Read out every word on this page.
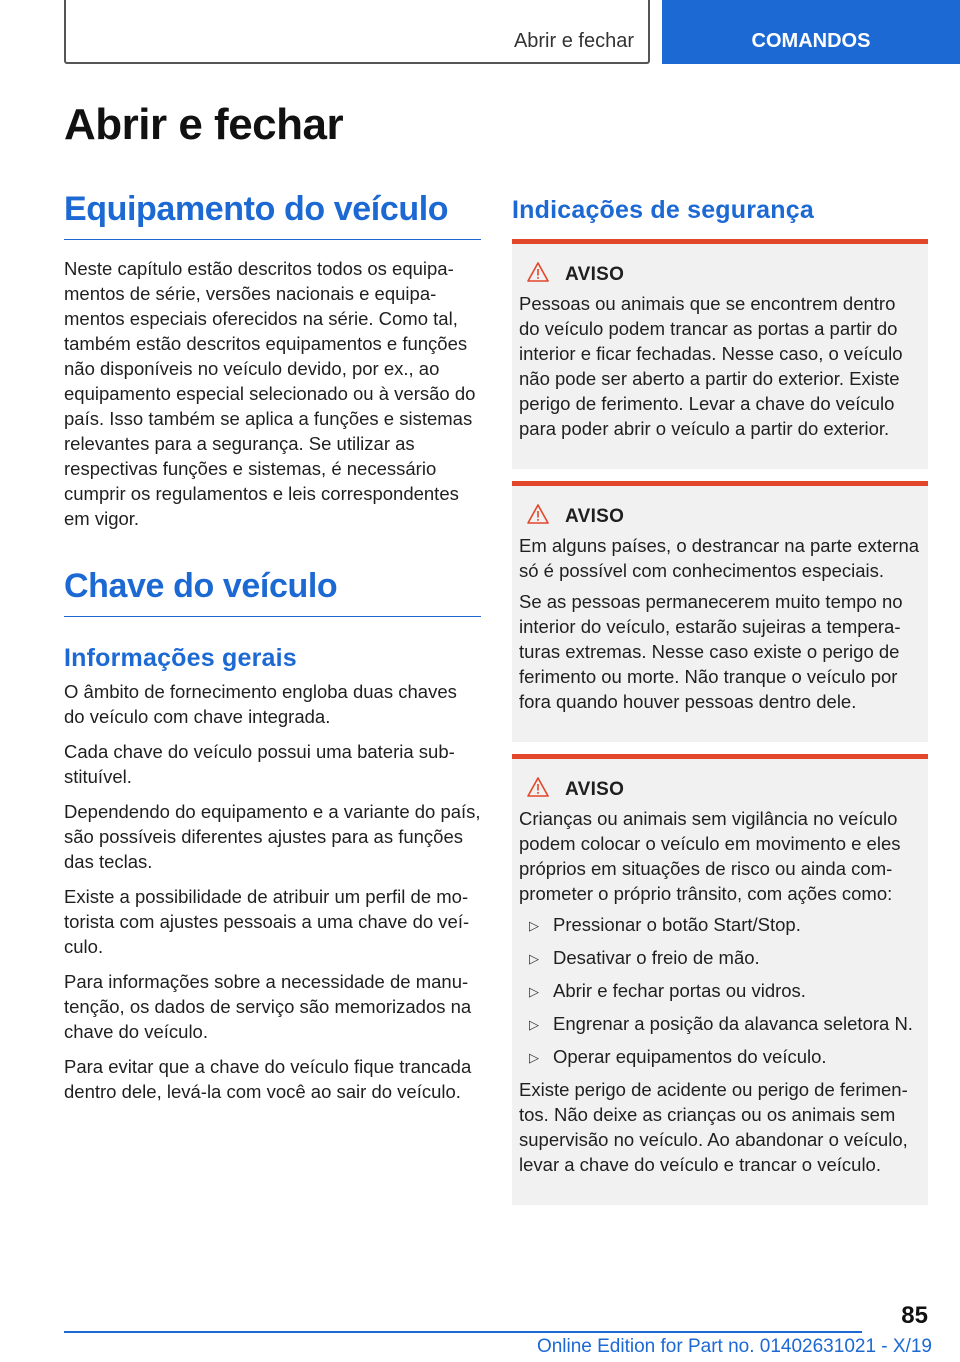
Abrir e fechar	COMANDOS
Abrir e fechar
Equipamento do veículo

Neste capítulo estão descritos todos os equipamentos de série, versões nacionais e equipamentos especiais oferecidos na série. Como tal, também estão descritos equipamentos e funções não disponíveis no veículo devido, por ex., ao equipamento especial selecionado ou à versão do país. Isso também se aplica a funções e sistemas relevantes para a segurança. Se utilizar as respectivas funções e sistemas, é necessário cumprir os regulamentos e leis correspondentes em vigor.

Chave do veículo
Informações gerais

O âmbito de fornecimento engloba duas chaves do veículo com chave integrada.

Cada chave do veículo possui uma bateria substituível.

Dependendo do equipamento e a variante do país, são possíveis diferentes ajustes para as funções das teclas.

Existe a possibilidade de atribuir um perfil de motorista com ajustes pessoais a uma chave do veículo.

Para informações sobre a necessidade de manutenção, os dados de serviço são memorizados na chave do veículo.

Para evitar que a chave do veículo fique trancada dentro dele, levá-la com você ao sair do veículo.

Indicações de segurança
AVISO

Pessoas ou animais que se encontrem dentro do veículo podem trancar as portas a partir do interior e ficar fechadas. Nesse caso, o veículo não pode ser aberto a partir do exterior. Existe perigo de ferimento. Levar a chave do veículo para poder abrir o veículo a partir do exterior.

AVISO

Em alguns países, o destrancar na parte externa só é possível com conhecimentos especiais.

Se as pessoas permanecerem muito tempo no interior do veículo, estarão sujeiras a temperaturas extremas. Nesse caso existe o perigo de ferimento ou morte. Não tranque o veículo por fora quando houver pessoas dentro dele.

AVISO

Crianças ou animais sem vigilância no veículo podem colocar o veículo em movimento e eles próprios em situações de risco ou ainda comprometer o próprio trânsito, com ações como:

▷ Pressionar o botão Start/Stop.
▷ Desativar o freio de mão.
▷ Abrir e fechar portas ou vidros.
▷ Engrenar a posição da alavanca seletora N.
▷ Operar equipamentos do veículo.

Existe perigo de acidente ou perigo de ferimentos. Não deixe as crianças ou os animais sem supervisão no veículo. Ao abandonar o veículo, levar a chave do veículo e trancar o veículo.

85
Online Edition for Part no. 01402631021 - X/19
